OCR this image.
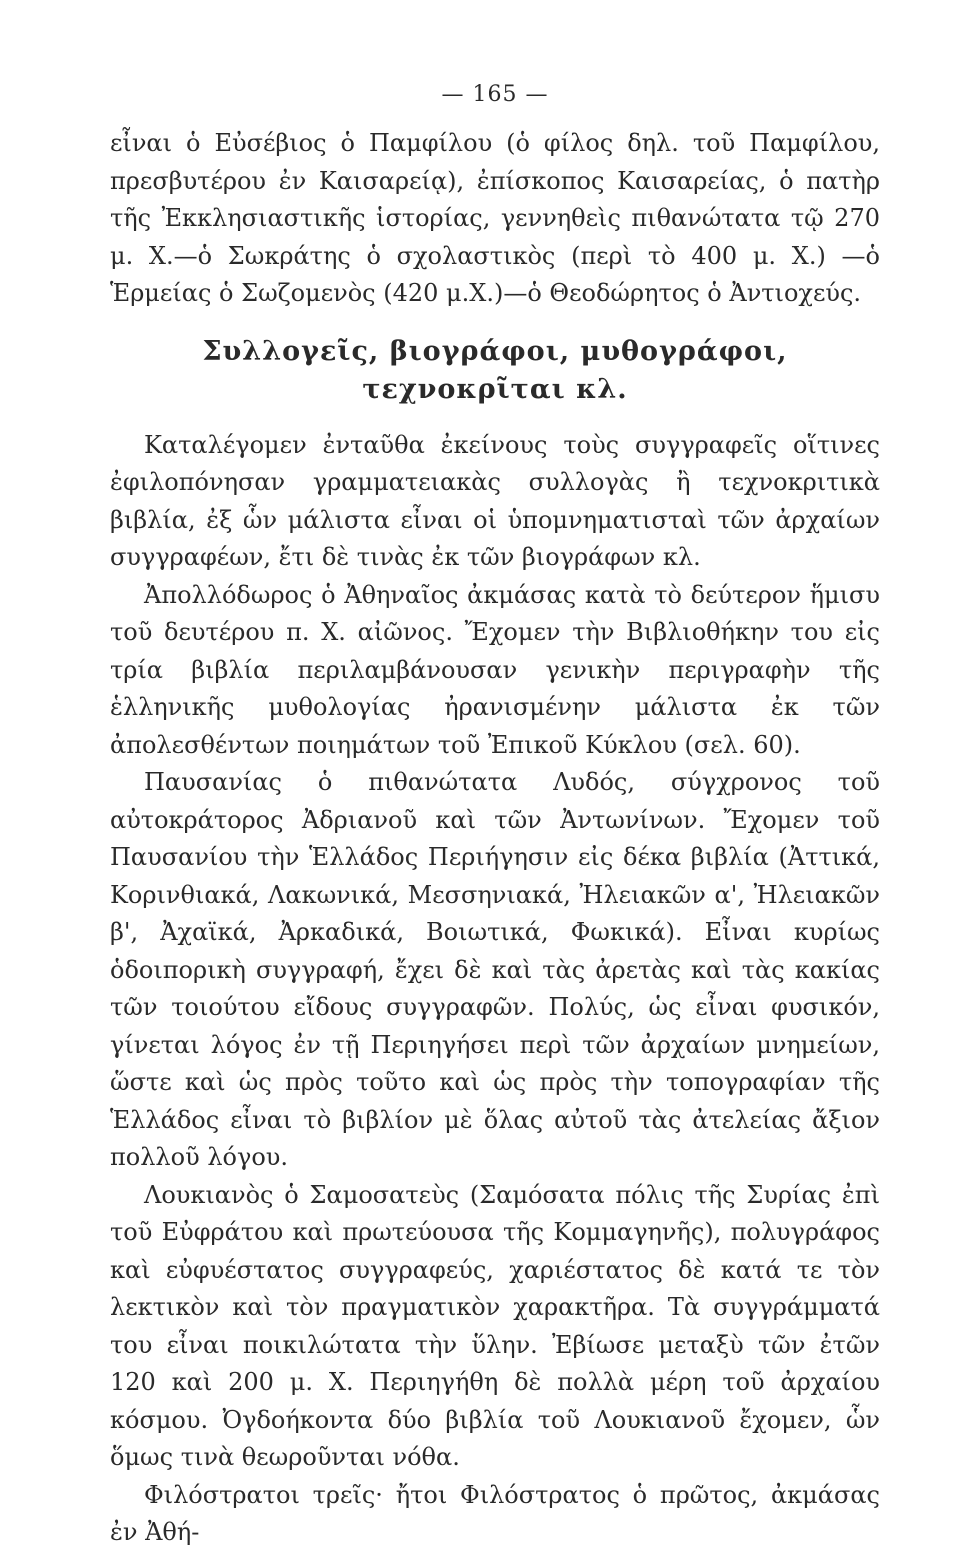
— 165 —

εἶναι ὁ Εὐσέβιος ὁ Παμφίλου (ὁ φίλος δηλ. τοῦ Παμφίλου, πρεσβυτέρου ἐν Καισαρείᾳ), ἐπίσκοπος Καισαρείας, ὁ πατὴρ τῆς Ἐκκλησιαστικῆς ἱστορίας, γεννηθεὶς πιθανώτατα τῷ 270 μ. Χ.—ὁ Σωκράτης ὁ σχολαστικὸς (περὶ τὸ 400 μ. Χ.) —ὁ Ἑρμείας ὁ Σωζομενὸς (420 μ.Χ.)—ὁ Θεοδώρητος ὁ Ἀντιοχεύς.

Συλλογεῖς, βιογράφοι, μυθογράφοι,
τεχνοκρῖται κλ.

Καταλέγομεν ἐνταῦθα ἐκείνους τοὺς συγγραφεῖς οἵτινες ἐφιλοπόνησαν γραμματειακὰς συλλογὰς ἢ τεχνοκριτικὰ βιβλία, ἐξ ὧν μάλιστα εἶναι οἱ ὑπομνηματισταὶ τῶν ἀρχαίων συγγραφέων, ἔτι δὲ τινὰς ἐκ τῶν βιογράφων κλ.

Ἀπολλόδωρος ὁ Ἀθηναῖος ἀκμάσας κατὰ τὸ δεύτερον ἥμισυ τοῦ δευτέρου π. Χ. αἰῶνος. Ἔχομεν τὴν Βιβλιοθήκην του εἰς τρία βιβλία περιλαμβάνουσαν γενικὴν περιγραφὴν τῆς ἑλληνικῆς μυθολογίας ἠρανισμένην μάλιστα ἐκ τῶν ἀπολεσθέντων ποιημάτων τοῦ Ἐπικοῦ Κύκλου (σελ. 60).

Παυσανίας ὁ πιθανώτατα Λυδός, σύγχρονος τοῦ αὐτοκράτορος Ἀδριανοῦ καὶ τῶν Ἀντωνίνων. Ἔχομεν τοῦ Παυσανίου τὴν Ἑλλάδος Περιήγησιν εἰς δέκα βιβλία (Ἀττικά, Κορινθιακά, Λακωνικά, Μεσσηνιακά, Ἠλειακῶν α', Ἠλειακῶν β', Ἀχαϊκά, Ἀρκαδικά, Βοιωτικά, Φωκικά). Εἶναι κυρίως ὁδοιπορικὴ συγγραφή, ἔχει δὲ καὶ τὰς ἀρετὰς καὶ τὰς κακίας τῶν τοιούτου εἴδους συγγραφῶν. Πολύς, ὡς εἶναι φυσικόν, γίνεται λόγος ἐν τῇ Περιηγήσει περὶ τῶν ἀρχαίων μνημείων, ὥστε καὶ ὡς πρὸς τοῦτο καὶ ὡς πρὸς τὴν τοπογραφίαν τῆς Ἑλλάδος εἶναι τὸ βιβλίον μὲ ὅλας αὐτοῦ τὰς ἀτελείας ἄξιον πολλοῦ λόγου.

Λουκιανὸς ὁ Σαμοσατεὺς (Σαμόσατα πόλις τῆς Συρίας ἐπὶ τοῦ Εὐφράτου καὶ πρωτεύουσα τῆς Κομμαγηνῆς), πολυγράφος καὶ εὐφυέστατος συγγραφεύς, χαριέστατος δὲ κατά τε τὸν λεκτικὸν καὶ τὸν πραγματικὸν χαρακτῆρα. Τὰ συγγράμματά του εἶναι ποικιλώτατα τὴν ὕλην. Ἐβίωσε μεταξὺ τῶν ἐτῶν 120 καὶ 200 μ. Χ. Περιηγήθη δὲ πολλὰ μέρη τοῦ ἀρχαίου κόσμου. Ὀγδοήκοντα δύο βιβλία τοῦ Λουκιανοῦ ἔχομεν, ὧν ὅμως τινὰ θεωροῦνται νόθα.

Φιλόστρατοι τρεῖς· ἤτοι Φιλόστρατος ὁ πρῶτος, ἀκμάσας ἐν Ἀθή-
